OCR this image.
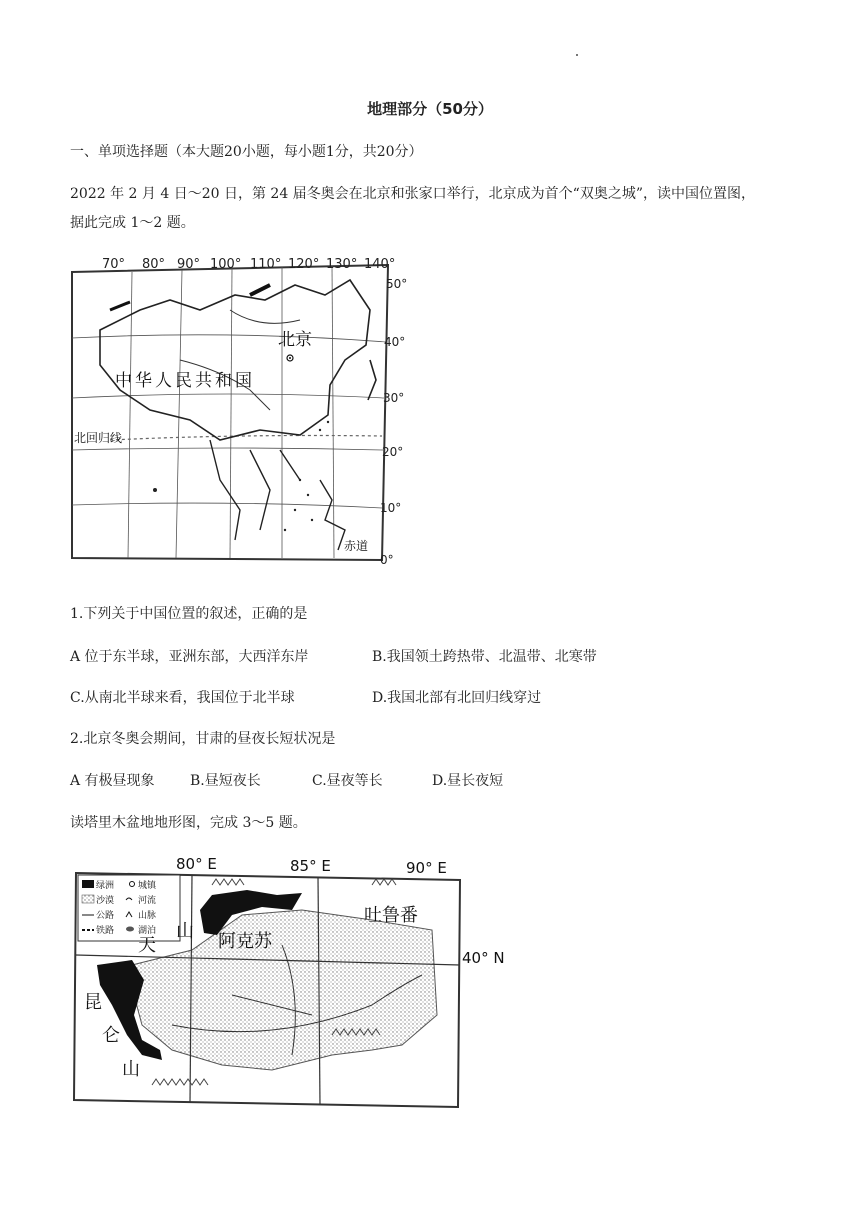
地理部分（50分）
一、单项选择题（本大题20小题，每小题1分，共20分）
2022 年 2 月 4 日～20 日，第 24 届冬奥会在北京和张家口举行，北京成为首个“双奥之城”，读中国位置图，
据此完成 1～2 题。
70° 80° 90° 100° 110° 120° 130° 140°
50°
40°
30°
20°
10°
0°
北京
中华人民共和国
北回归线
赤道
1.下列关于中国位置的叙述，正确的是
A 位于东半球，亚洲东部，大西洋东岸	B.我国领土跨热带、北温带、北寒带
C.从南北半球来看，我国位于北半球	D.我国北部有北回归线穿过
2.北京冬奥会期间，甘肃的昼夜长短状况是
A 有极昼现象	B.昼短夜长	C.昼夜等长	D.昼长夜短
读塔里木盆地地形图，完成 3～5 题。
绿洲	城镇
沙漠	河流
公路	山脉
铁路	湖泊
80° E	85° E	90° E
40° N
山
天	阿克苏
吐鲁番
昆
仑
山
